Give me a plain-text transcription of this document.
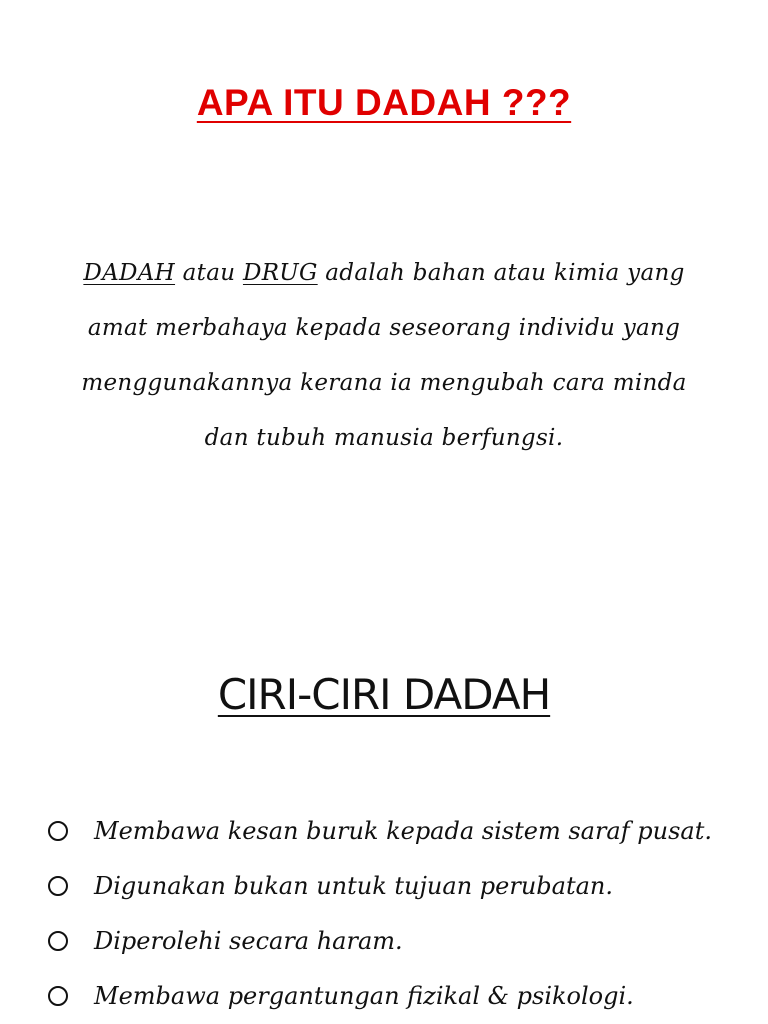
APA ITU DADAH ???
DADAH atau DRUG adalah bahan atau kimia yang amat merbahaya kepada seseorang individu yang menggunakannya kerana ia mengubah cara minda dan tubuh manusia berfungsi.
CIRI-CIRI DADAH
Membawa kesan buruk kepada sistem saraf pusat.
Digunakan bukan untuk tujuan perubatan.
Diperolehi secara haram.
Membawa pergantungan fizikal & psikologi.
